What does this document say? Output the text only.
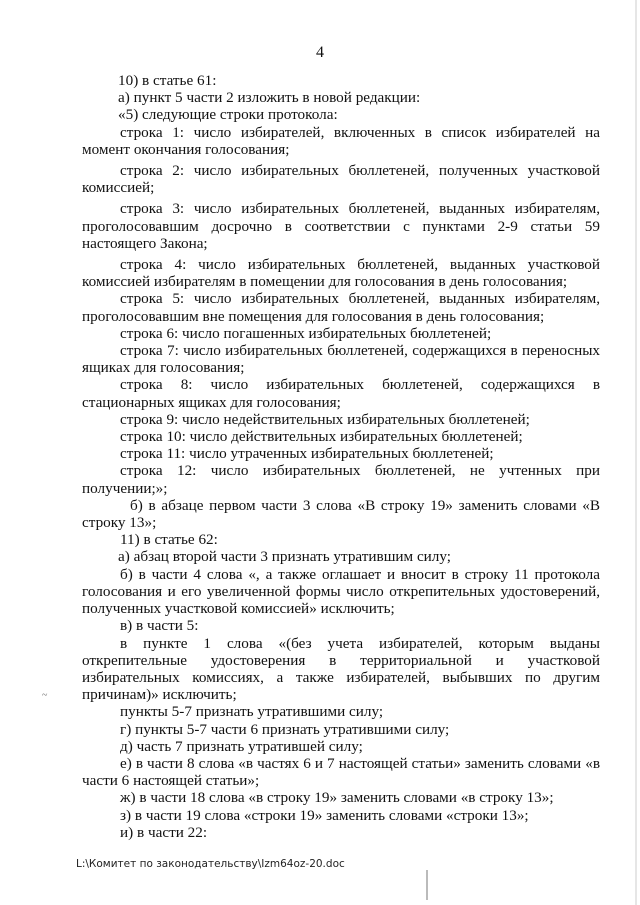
~
4

10) в статье 61:

а) пункт 5 части 2 изложить в новой редакции:

«5) следующие строки протокола:

строка 1: число избирателей, включенных в список избирателей на момент окончания голосования;

строка 2: число избирательных бюллетеней, полученных участковой комиссией;

строка 3: число избирательных бюллетеней, выданных избирателям, проголосовавшим досрочно в соответствии с пунктами 2-9 статьи 59 настоящего Закона;

строка 4: число избирательных бюллетеней, выданных участковой комиссией избирателям в помещении для голосования в день голосования;

строка 5: число избирательных бюллетеней, выданных избирателям, проголосовавшим вне помещения для голосования в день голосования;

строка 6: число погашенных избирательных бюллетеней;

строка 7: число избирательных бюллетеней, содержащихся в переносных ящиках для голосования;

строка 8: число избирательных бюллетеней, содержащихся в стационарных ящиках для голосования;

строка 9: число недействительных избирательных бюллетеней;

строка 10: число действительных избирательных бюллетеней;

строка 11: число утраченных избирательных бюллетеней;

строка 12: число избирательных бюллетеней, не учтенных при получении;»;

б) в абзаце первом части 3 слова «В строку 19» заменить словами «В строку 13»;

11) в статье 62:

а) абзац второй части 3 признать утратившим силу;

б) в части 4 слова «, а также оглашает и вносит в строку 11 протокола голосования и его увеличенной формы число открепительных удостоверений, полученных участковой комиссией» исключить;

в) в части 5:

в пункте 1 слова «(без учета избирателей, которым выданы открепительные удостоверения в территориальной и участковой избирательных комиссиях, а также избирателей, выбывших по другим причинам)» исключить;

пункты 5-7 признать утратившими силу;

г) пункты 5-7 части 6 признать утратившими силу;

д) часть 7 признать утратившей силу;

е) в части 8 слова «в частях 6 и 7 настоящей статьи» заменить словами «в части 6 настоящей статьи»;

ж) в части 18 слова «в строку 19» заменить словами «в строку 13»;

з) в части 19 слова «строки 19» заменить словами «строки 13»;

и) в части 22:

L:\Комитет по законодательству\Izm64oz-20.doc
